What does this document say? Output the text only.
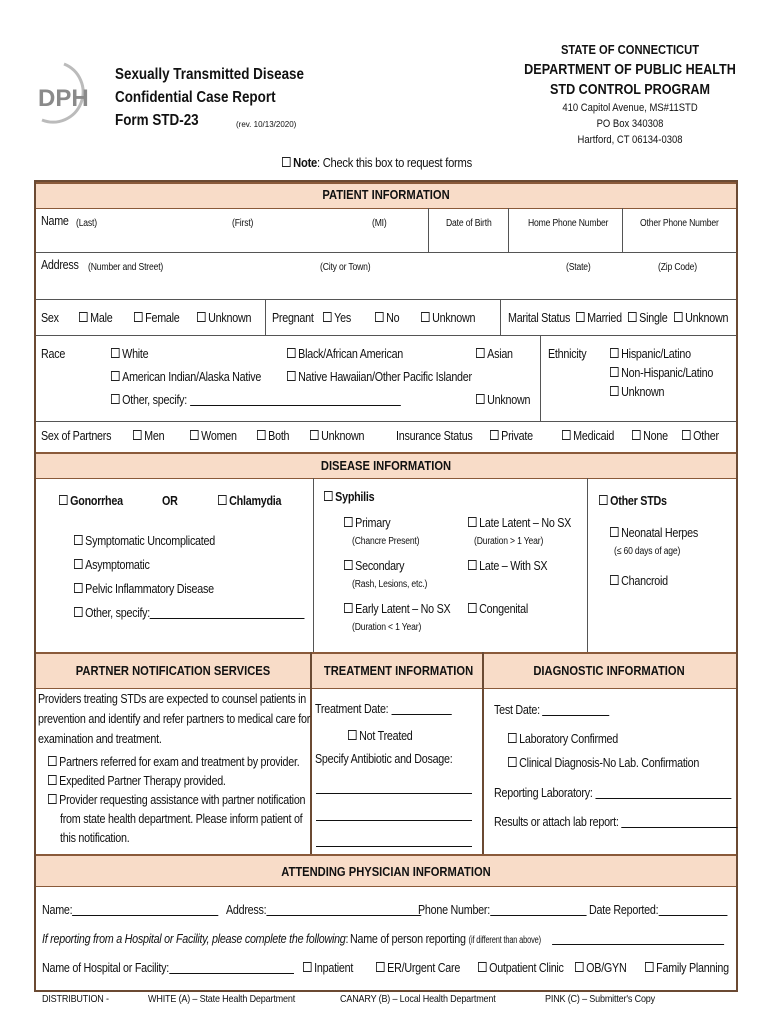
DPH
Sexually Transmitted Disease
Confidential Case Report
Form STD-23	(rev. 10/13/2020)
STATE OF CONNECTICUT
DEPARTMENT OF PUBLIC HEALTH
STD CONTROL PROGRAM
410 Capitol Avenue, MS#11STD
PO Box 340308
Hartford, CT 06134-0308
Note: Check this box to request forms
PATIENT INFORMATION
Name (Last)	(First)	(MI)	Date of Birth	Home Phone Number	Other Phone Number
Address (Number and Street)	(City or Town)	(State)	(Zip Code)
Sex	Male	Female	Unknown Pregnant	Yes	No	Unknown	Marital Status	Married	Single	Unknown
Race	White	Black/African American	Asian
American Indian/Alaska Native	Native Hawaiian/Other Pacific Islander
Other, specify:	Unknown
Ethnicity	Hispanic/Latino
Non-Hispanic/Latino
Unknown
Sex of Partners	Men	Women	Both	Unknown	Insurance Status	Private	Medicaid	None	Other
DISEASE INFORMATION
Gonorrhea	OR	Chlamydia
Symptomatic Uncomplicated
Asymptomatic
Pelvic Inflammatory Disease
Other, specify:
Syphilis
Primary
(Chancre Present)
Secondary
(Rash, Lesions, etc.)
Early Latent – No SX
(Duration < 1 Year)
Late Latent – No SX
(Duration > 1 Year)
Late – With SX
Congenital
Other STDs
Neonatal Herpes
(≤ 60 days of age)
Chancroid
PARTNER NOTIFICATION SERVICES	TREATMENT INFORMATION	DIAGNOSTIC INFORMATION
Providers treating STDs are expected to counsel patients in
prevention and identify and refer partners to medical care for
examination and treatment.
Partners referred for exam and treatment by provider.
Expedited Partner Therapy provided.
Provider requesting assistance with partner notification
from state health department. Please inform patient of
this notification.
Treatment Date:
Not Treated
Specify Antibiotic and Dosage:
Test Date:
Laboratory Confirmed
Clinical Diagnosis-No Lab. Confirmation
Reporting Laboratory:
Results or attach lab report:
ATTENDING PHYSICIAN INFORMATION
Name:	Address:	Phone Number:	Date Reported:
If reporting from a Hospital or Facility, please complete the following: Name of person reporting (if different than above)
Name of Hospital or Facility:	Inpatient	ER/Urgent Care	Outpatient Clinic	OB/GYN	Family Planning
DISTRIBUTION -	WHITE (A) – State Health Department	CANARY (B) – Local Health Department	PINK (C) – Submitter's Copy
